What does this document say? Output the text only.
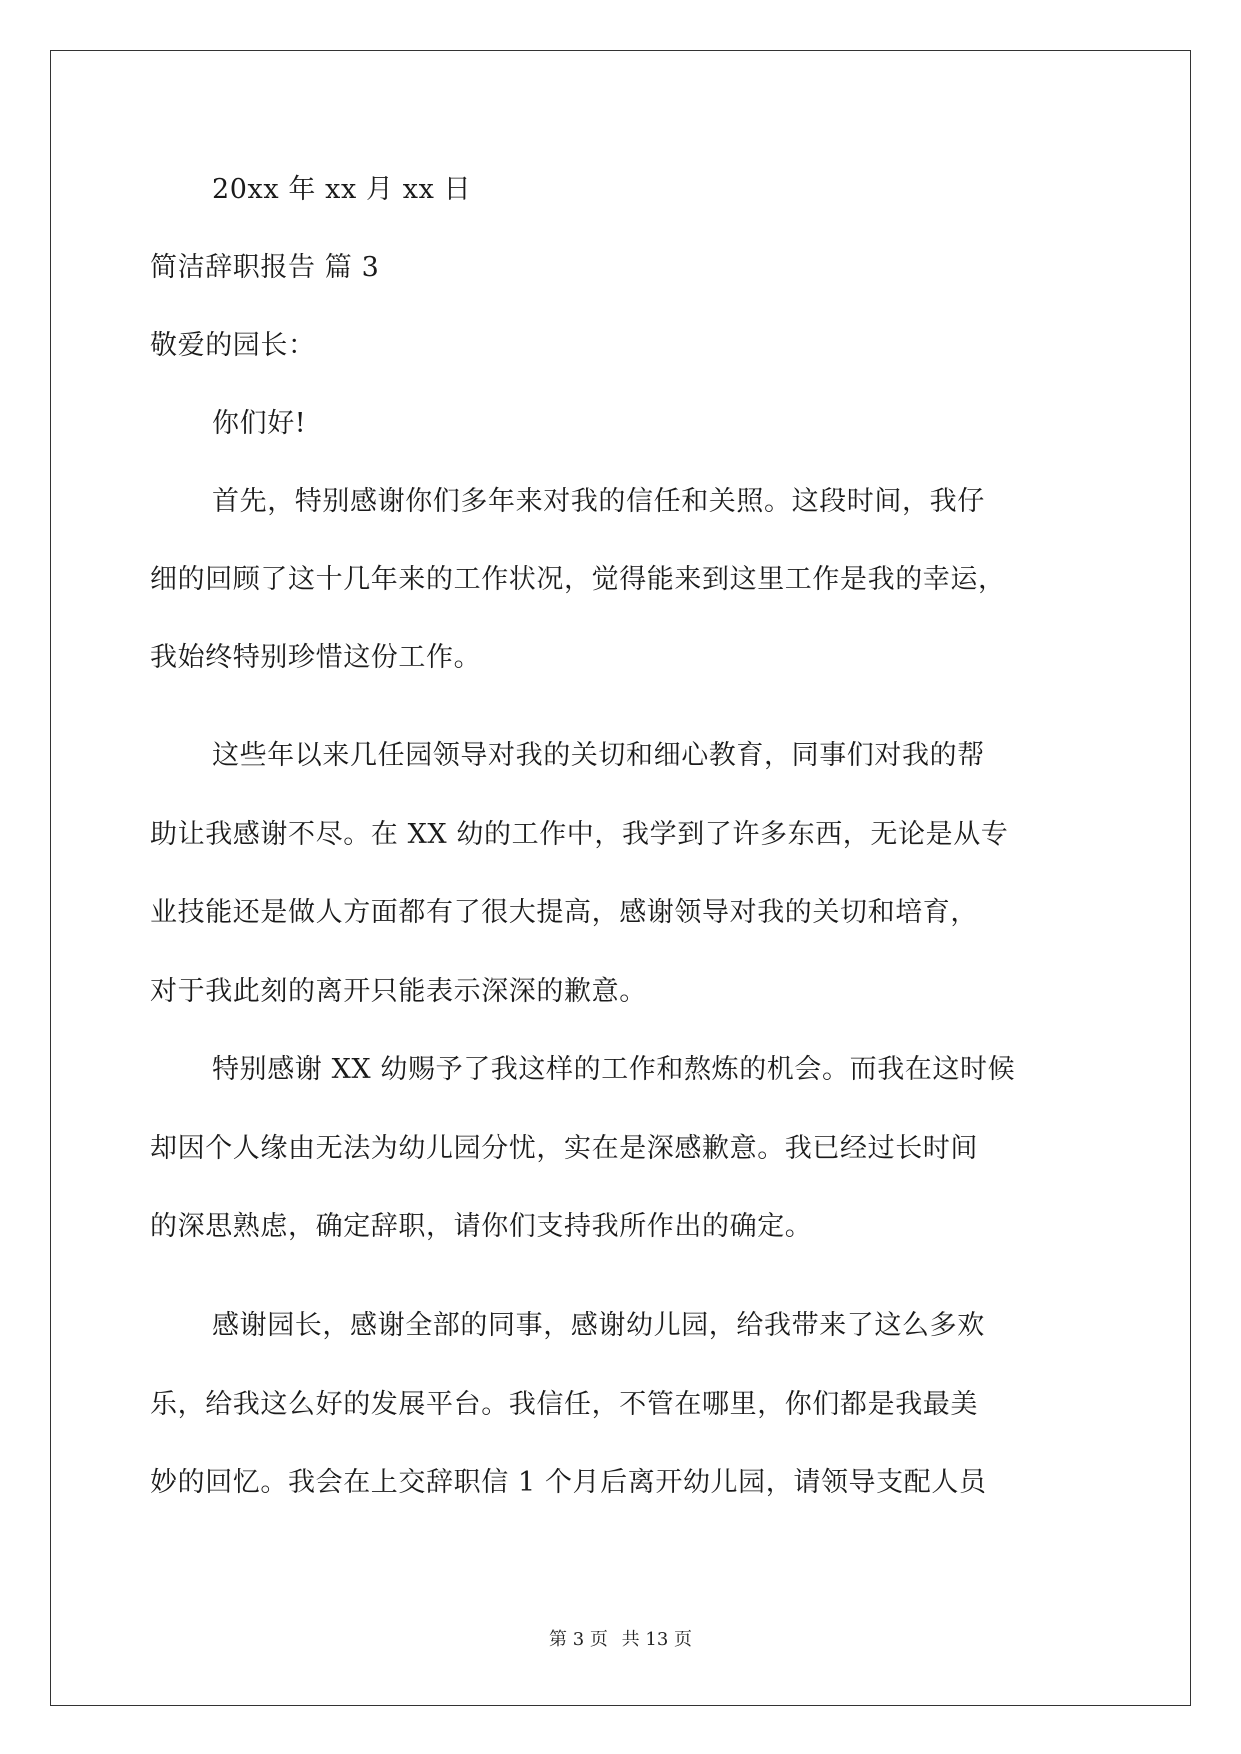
20xx 年 xx 月 xx 日
简洁辞职报告 篇 3
敬爱的园长：
你们好!
首先，特别感谢你们多年来对我的信任和关照。这段时间，我仔
细的回顾了这十几年来的工作状况，觉得能来到这里工作是我的幸运，
我始终特别珍惜这份工作。
这些年以来几任园领导对我的关切和细心教育，同事们对我的帮
助让我感谢不尽。在 XX 幼的工作中，我学到了许多东西，无论是从专
业技能还是做人方面都有了很大提高，感谢领导对我的关切和培育，
对于我此刻的离开只能表示深深的歉意。
特别感谢 XX 幼赐予了我这样的工作和熬炼的机会。而我在这时候
却因个人缘由无法为幼儿园分忧，实在是深感歉意。我已经过长时间
的深思熟虑，确定辞职，请你们支持我所作出的确定。
感谢园长，感谢全部的同事，感谢幼儿园，给我带来了这么多欢
乐，给我这么好的发展平台。我信任，不管在哪里，你们都是我最美
妙的回忆。我会在上交辞职信 1 个月后离开幼儿园，请领导支配人员
第 3 页 共 13 页
